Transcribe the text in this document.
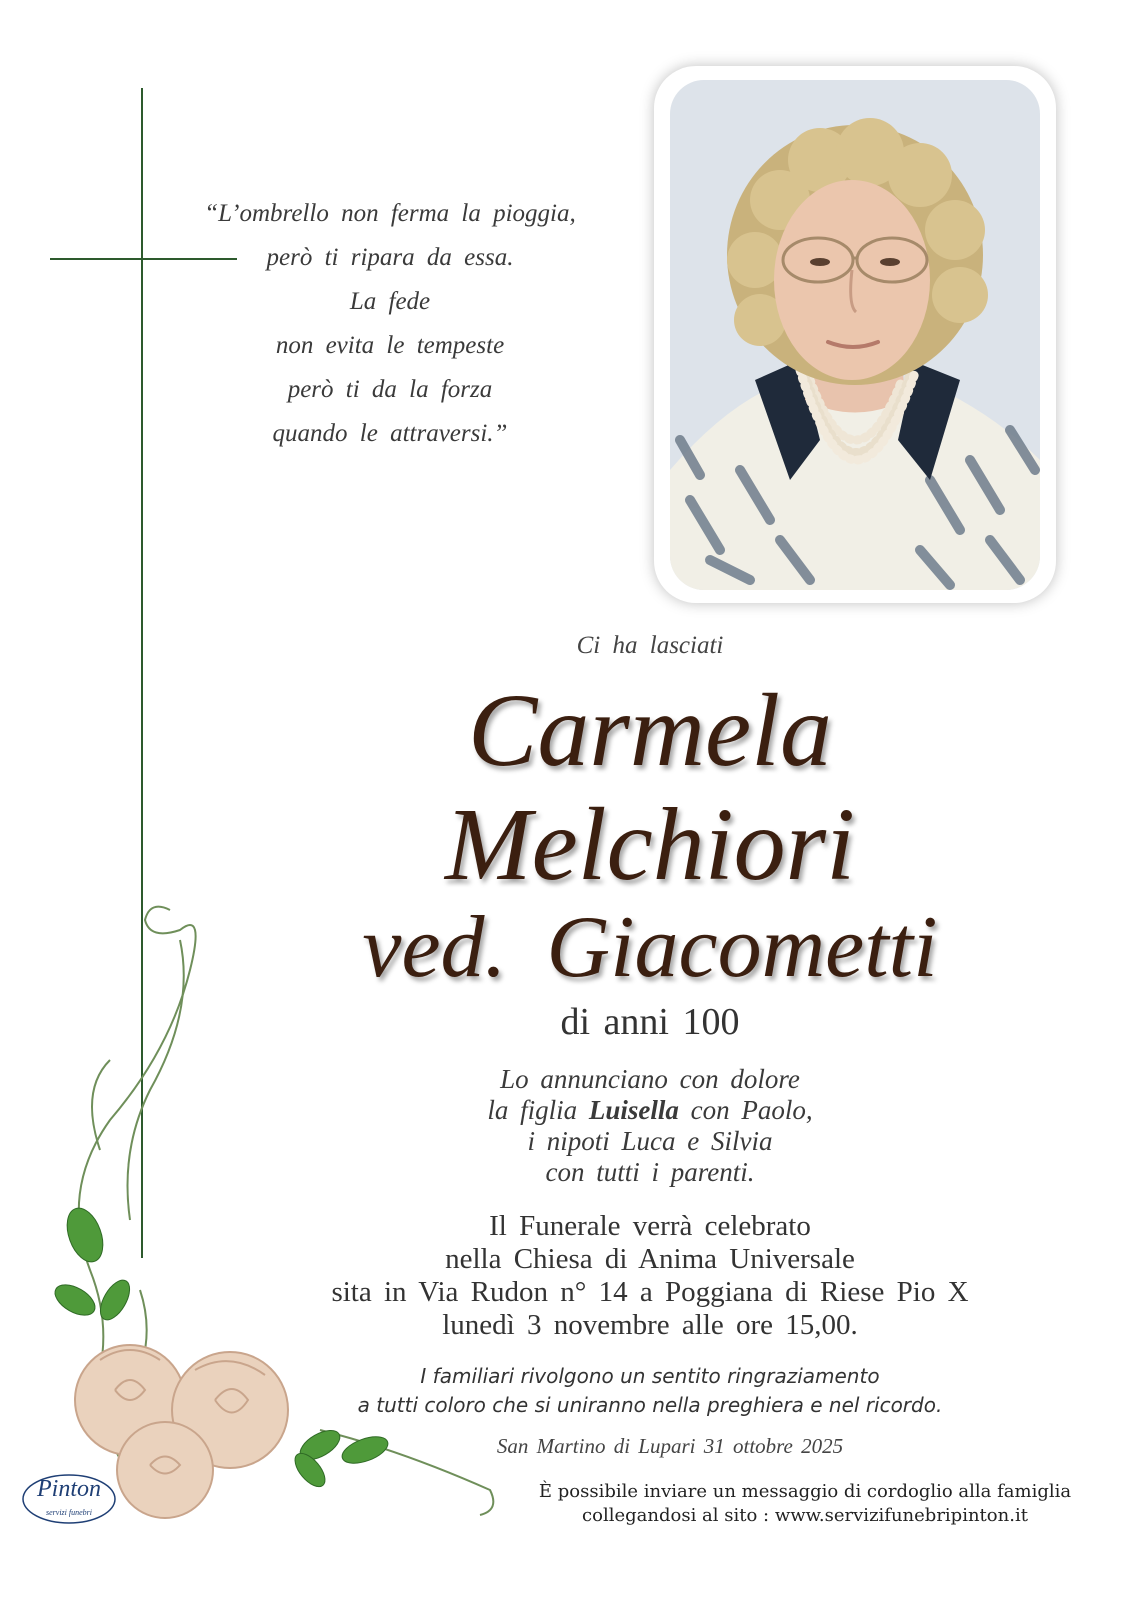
“L’ombrello non ferma la pioggia,
però ti ripara da essa.
La fede
non evita le tempeste
però ti da la forza
quando le attraversi.”
Ci ha lasciati
Carmela
Melchiori
ved. Giacometti
di anni 100
Lo annunciano con dolore
la figlia Luisella con Paolo,
i nipoti Luca e Silvia
con tutti i parenti.
Il Funerale verrà celebrato
nella Chiesa di Anima Universale
sita in Via Rudon n° 14 a Poggiana di Riese Pio X
lunedì 3 novembre alle ore 15,00.
I familiari rivolgono un sentito ringraziamento
a tutti coloro che si uniranno nella preghiera e nel ricordo.
San Martino di Lupari 31 ottobre 2025
È possibile inviare un messaggio di cordoglio alla famiglia
collegandosi al sito : www.servizifunebripinton.it
Pinton
servizi funebri
